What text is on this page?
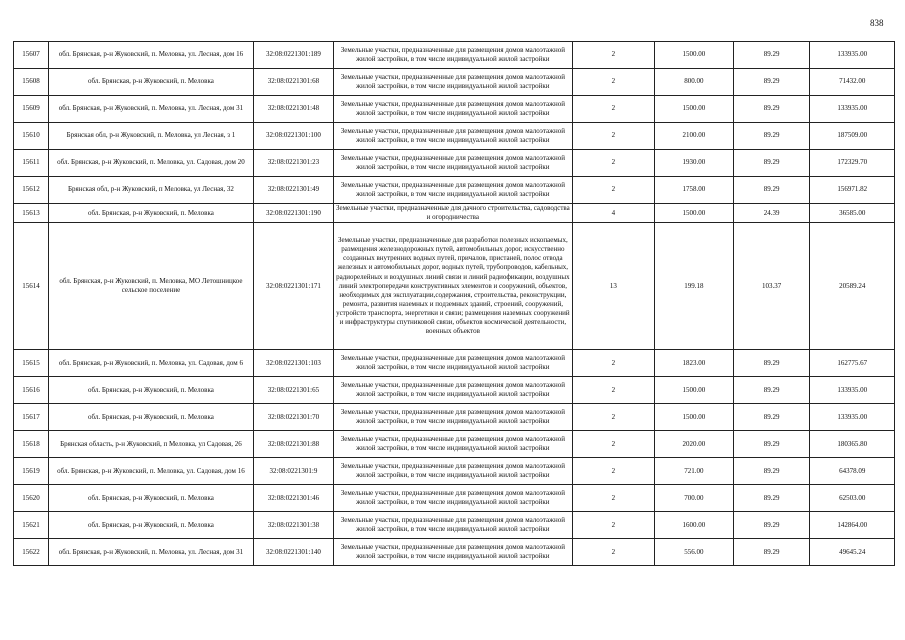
838
15607	обл. Брянская, р-н Жуковский, п. Меловка, ул. Лесная, дом 16	32:08:0221301:189	Земельные участки, предназначенные для размещения домов малоэтажной жилой застройки, в том числе индивидуальной жилой застройки	2	1500.00	89.29	133935.00
15608	обл. Брянская, р-н Жуковский, п. Меловка	32:08:0221301:68	Земельные участки, предназначенные для размещения домов малоэтажной жилой застройки, в том числе индивидуальной жилой застройки	2	800.00	89.29	71432.00
15609	обл. Брянская, р-н Жуковский, п. Меловка, ул. Лесная, дом 31	32:08:0221301:48	Земельные участки, предназначенные для размещения домов малоэтажной жилой застройки, в том числе индивидуальной жилой застройки	2	1500.00	89.29	133935.00
15610	Брянская обл, р-н Жуковский, п. Меловка, ул Лесная, з 1	32:08:0221301:100	Земельные участки, предназначенные для размещения домов малоэтажной жилой застройки, в том числе индивидуальной жилой застройки	2	2100.00	89.29	187509.00
15611	обл. Брянская, р-н Жуковский, п. Меловка, ул. Садовая, дом 20	32:08:0221301:23	Земельные участки, предназначенные для размещения домов малоэтажной жилой застройки, в том числе индивидуальной жилой застройки	2	1930.00	89.29	172329.70
15612	Брянская обл, р-н Жуковский, п Меловка, ул Лесная, 32	32:08:0221301:49	Земельные участки, предназначенные для размещения домов малоэтажной жилой застройки, в том числе индивидуальной жилой застройки	2	1758.00	89.29	156971.82
15613	обл. Брянская, р-н Жуковский, п. Меловка	32:08:0221301:190	Земельные участки, предназначенные для дачного строительства, садоводства и огородничества	4	1500.00	24.39	36585.00
15614	обл. Брянская, р-н Жуковский, п. Меловка, МО Летошницкое сельское поселение	32:08:0221301:171	Земельные участки, предназначенные для разработки полезных ископаемых, размещения железнодорожных путей, автомобильных дорог, искусственно созданных внутренних водных путей, причалов, пристаней, полос отвода железных и автомобильных дорог, водных путей, трубопроводов, кабельных, радиорелейных и воздушных линий связи и линий радиофикации, воздушных линий электропередачи конструктивных элементов и сооружений, объектов, необходимых для эксплуатации,содержания, строительства, реконструкции, ремонта, развития наземных и подземных зданий, строений, сооружений, устройств транспорта, энергетики и связи; размещения наземных сооружений и инфраструктуры спутниковой связи, объектов космической деятельности, военных объектов	13	199.18	103.37	20589.24
15615	обл. Брянская, р-н Жуковский, п. Меловка, ул. Садовая, дом 6	32:08:0221301:103	Земельные участки, предназначенные для размещения домов малоэтажной жилой застройки, в том числе индивидуальной жилой застройки	2	1823.00	89.29	162775.67
15616	обл. Брянская, р-н Жуковский, п. Меловка	32:08:0221301:65	Земельные участки, предназначенные для размещения домов малоэтажной жилой застройки, в том числе индивидуальной жилой застройки	2	1500.00	89.29	133935.00
15617	обл. Брянская, р-н Жуковский, п. Меловка	32:08:0221301:70	Земельные участки, предназначенные для размещения домов малоэтажной жилой застройки, в том числе индивидуальной жилой застройки	2	1500.00	89.29	133935.00
15618	Брянская область, р-н Жуковский, п Меловка, ул Садовая, 26	32:08:0221301:88	Земельные участки, предназначенные для размещения домов малоэтажной жилой застройки, в том числе индивидуальной жилой застройки	2	2020.00	89.29	180365.80
15619	обл. Брянская, р-н Жуковский, п. Меловка, ул. Садовая, дом 16	32:08:0221301:9	Земельные участки, предназначенные для размещения домов малоэтажной жилой застройки, в том числе индивидуальной жилой застройки	2	721.00	89.29	64378.09
15620	обл. Брянская, р-н Жуковский, п. Меловка	32:08:0221301:46	Земельные участки, предназначенные для размещения домов малоэтажной жилой застройки, в том числе индивидуальной жилой застройки	2	700.00	89.29	62503.00
15621	обл. Брянская, р-н Жуковский, п. Меловка	32:08:0221301:38	Земельные участки, предназначенные для размещения домов малоэтажной жилой застройки, в том числе индивидуальной жилой застройки	2	1600.00	89.29	142864.00
15622	обл. Брянская, р-н Жуковский, п. Меловка, ул. Лесная, дом 31	32:08:0221301:140	Земельные участки, предназначенные для размещения домов малоэтажной жилой застройки, в том числе индивидуальной жилой застройки	2	556.00	89.29	49645.24
